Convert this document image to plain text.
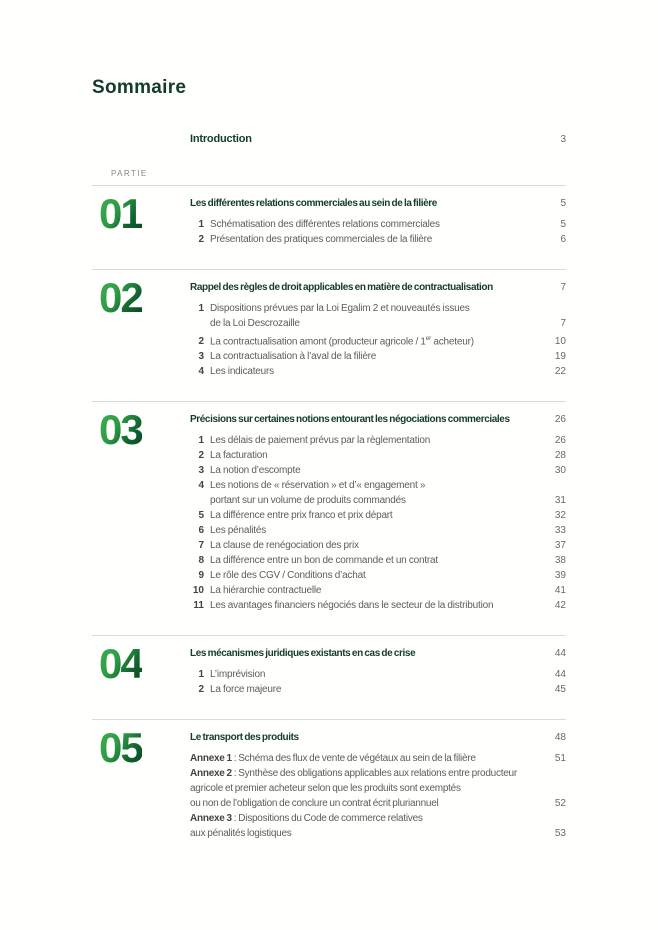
Sommaire
Introduction	3
PARTIE
01	Les différentes relations commerciales au sein de la filière	5
1 Schématisation des différentes relations commerciales	5
2 Présentation des pratiques commerciales de la filière	6
02	Rappel des règles de droit applicables en matière de contractualisation	7
1 Dispositions prévues par la Loi Egalim 2 et nouveautés issues
de la Loi Descrozaille	7
2 La contractualisation amont (producteur agricole / 1er acheteur)	10
3 La contractualisation à l’aval de la filière	19
4 Les indicateurs	22
03	Précisions sur certaines notions entourant les négociations commerciales	26
1 Les délais de paiement prévus par la règlementation	26
2 La facturation	28
3 La notion d’escompte	30
4 Les notions de « réservation » et d’« engagement »
portant sur un volume de produits commandés	31
5 La différence entre prix franco et prix départ	32
6 Les pénalités	33
7 La clause de renégociation des prix	37
8 La différence entre un bon de commande et un contrat	38
9 Le rôle des CGV / Conditions d’achat	39
10 La hiérarchie contractuelle	41
11 Les avantages financiers négociés dans le secteur de la distribution	42
04	Les mécanismes juridiques existants en cas de crise	44
1 L’imprévision	44
2 La force majeure	45
05	Le transport des produits	48
Annexe 1 : Schéma des flux de vente de végétaux au sein de la filière	51
Annexe 2 : Synthèse des obligations applicables aux relations entre producteur
agricole et premier acheteur selon que les produits sont exemptés
ou non de l’obligation de conclure un contrat écrit pluriannuel	52
Annexe 3 : Dispositions du Code de commerce relatives
aux pénalités logistiques	53
